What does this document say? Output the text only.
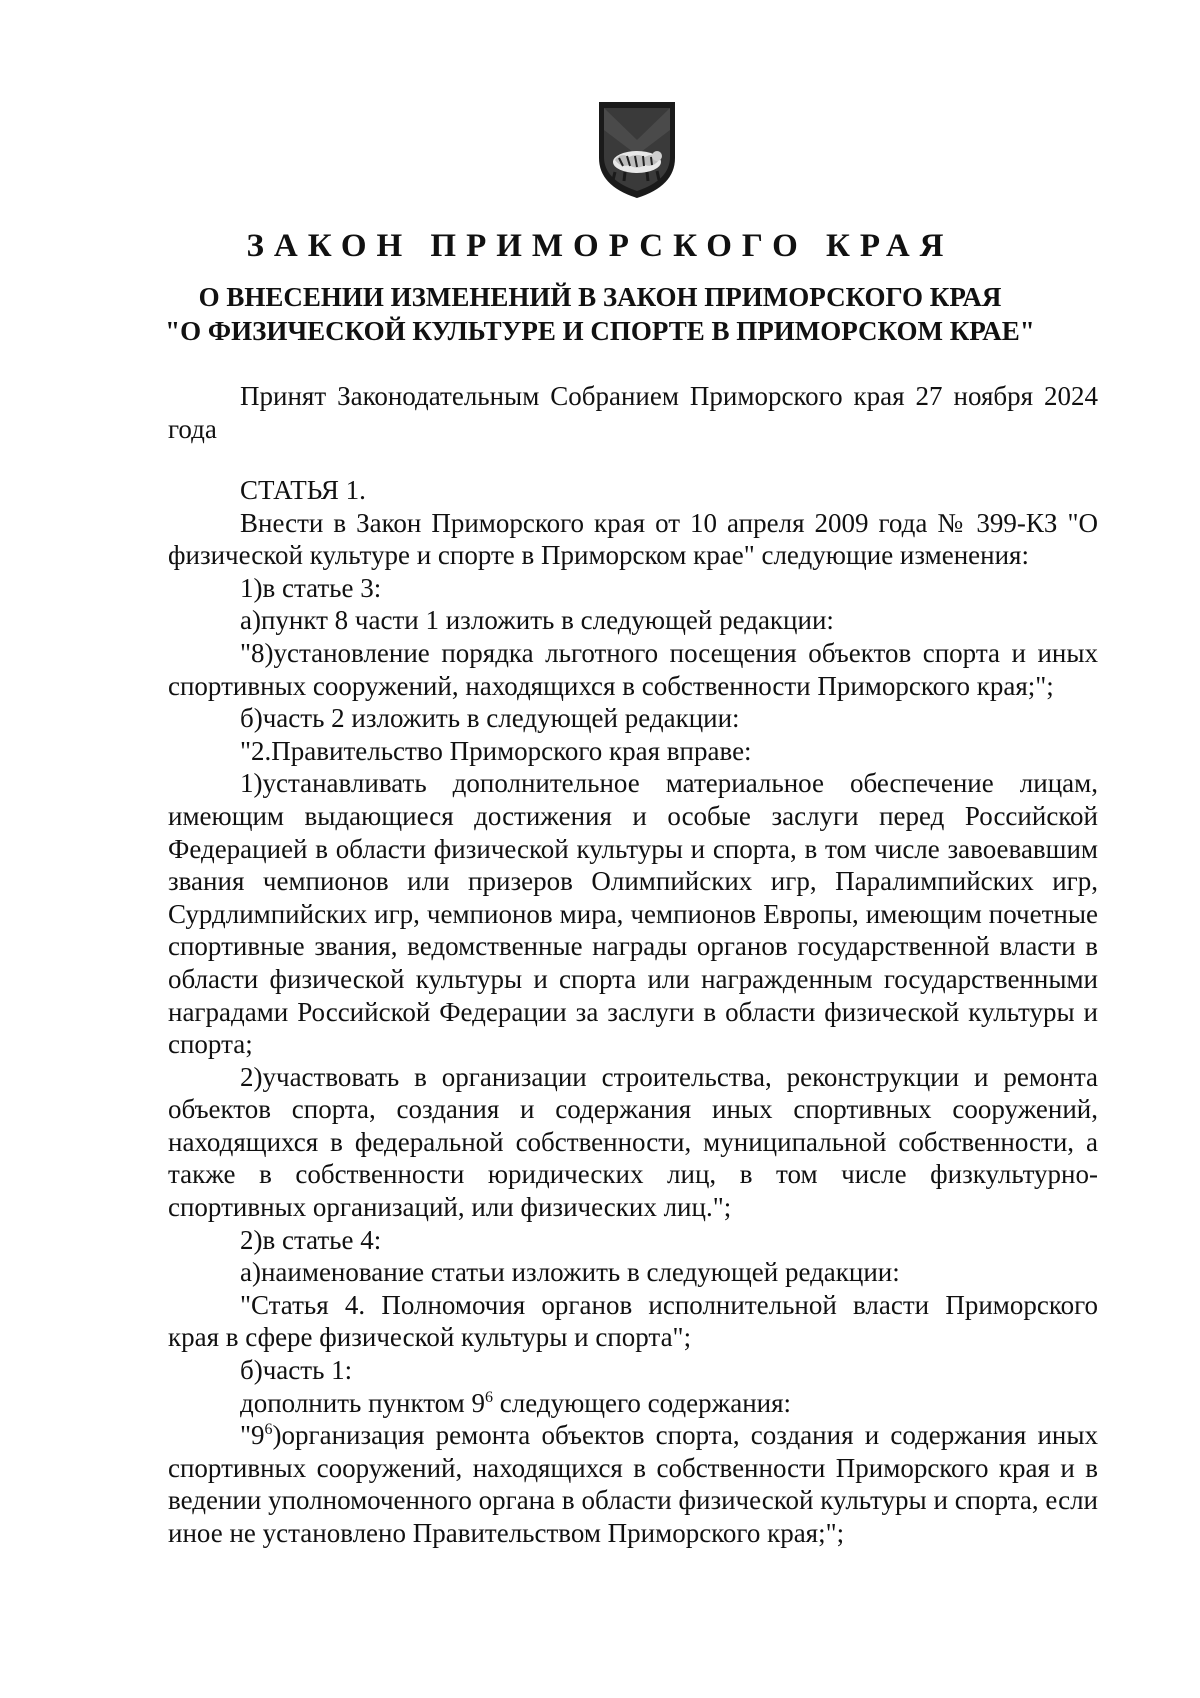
ЗАКОН ПРИМОРСКОГО КРАЯ
О ВНЕСЕНИИ ИЗМЕНЕНИЙ В ЗАКОН ПРИМОРСКОГО КРАЯ
"О ФИЗИЧЕСКОЙ КУЛЬТУРЕ И СПОРТЕ В ПРИМОРСКОМ КРАЕ"

Принят Законодательным Собранием Приморского края 27 ноября 2024 года

СТАТЬЯ 1.

Внести в Закон Приморского края от 10 апреля 2009 года № 399-КЗ "О физической культуре и спорте в Приморском крае" следующие изменения:

1)в статье 3:

а)пункт 8 части 1 изложить в следующей редакции:

"8)установление порядка льготного посещения объектов спорта и иных спортивных сооружений, находящихся в собственности Приморского края;";

б)часть 2 изложить в следующей редакции:

"2.Правительство Приморского края вправе:

1)устанавливать дополнительное материальное обеспечение лицам, имеющим выдающиеся достижения и особые заслуги перед Российской Федерацией в области физической культуры и спорта, в том числе завоевавшим звания чемпионов или призеров Олимпийских игр, Паралимпийских игр, Сурдлимпийских игр, чемпионов мира, чемпионов Европы, имеющим почетные спортивные звания, ведомственные награды органов государственной власти в области физической культуры и спорта или награжденным государственными наградами Российской Федерации за заслуги в области физической культуры и спорта;

2)участвовать в организации строительства, реконструкции и ремонта объектов спорта, создания и содержания иных спортивных сооружений, находящихся в федеральной собственности, муниципальной собственности, а также в собственности юридических лиц, в том числе физкультурно-спортивных организаций, или физических лиц.";

2)в статье 4:

а)наименование статьи изложить в следующей редакции:

"Статья 4. Полномочия органов исполнительной власти Приморского края в сфере физической культуры и спорта";

б)часть 1:

дополнить пунктом $9^6$ следующего содержания:

"$9^6)организация$ ремонта объектов спорта, создания и содержания иных спортивных сооружений, находящихся в собственности Приморского края и в ведении уполномоченного органа в области физической культуры и спорта, если иное не установлено Правительством Приморского края;";
